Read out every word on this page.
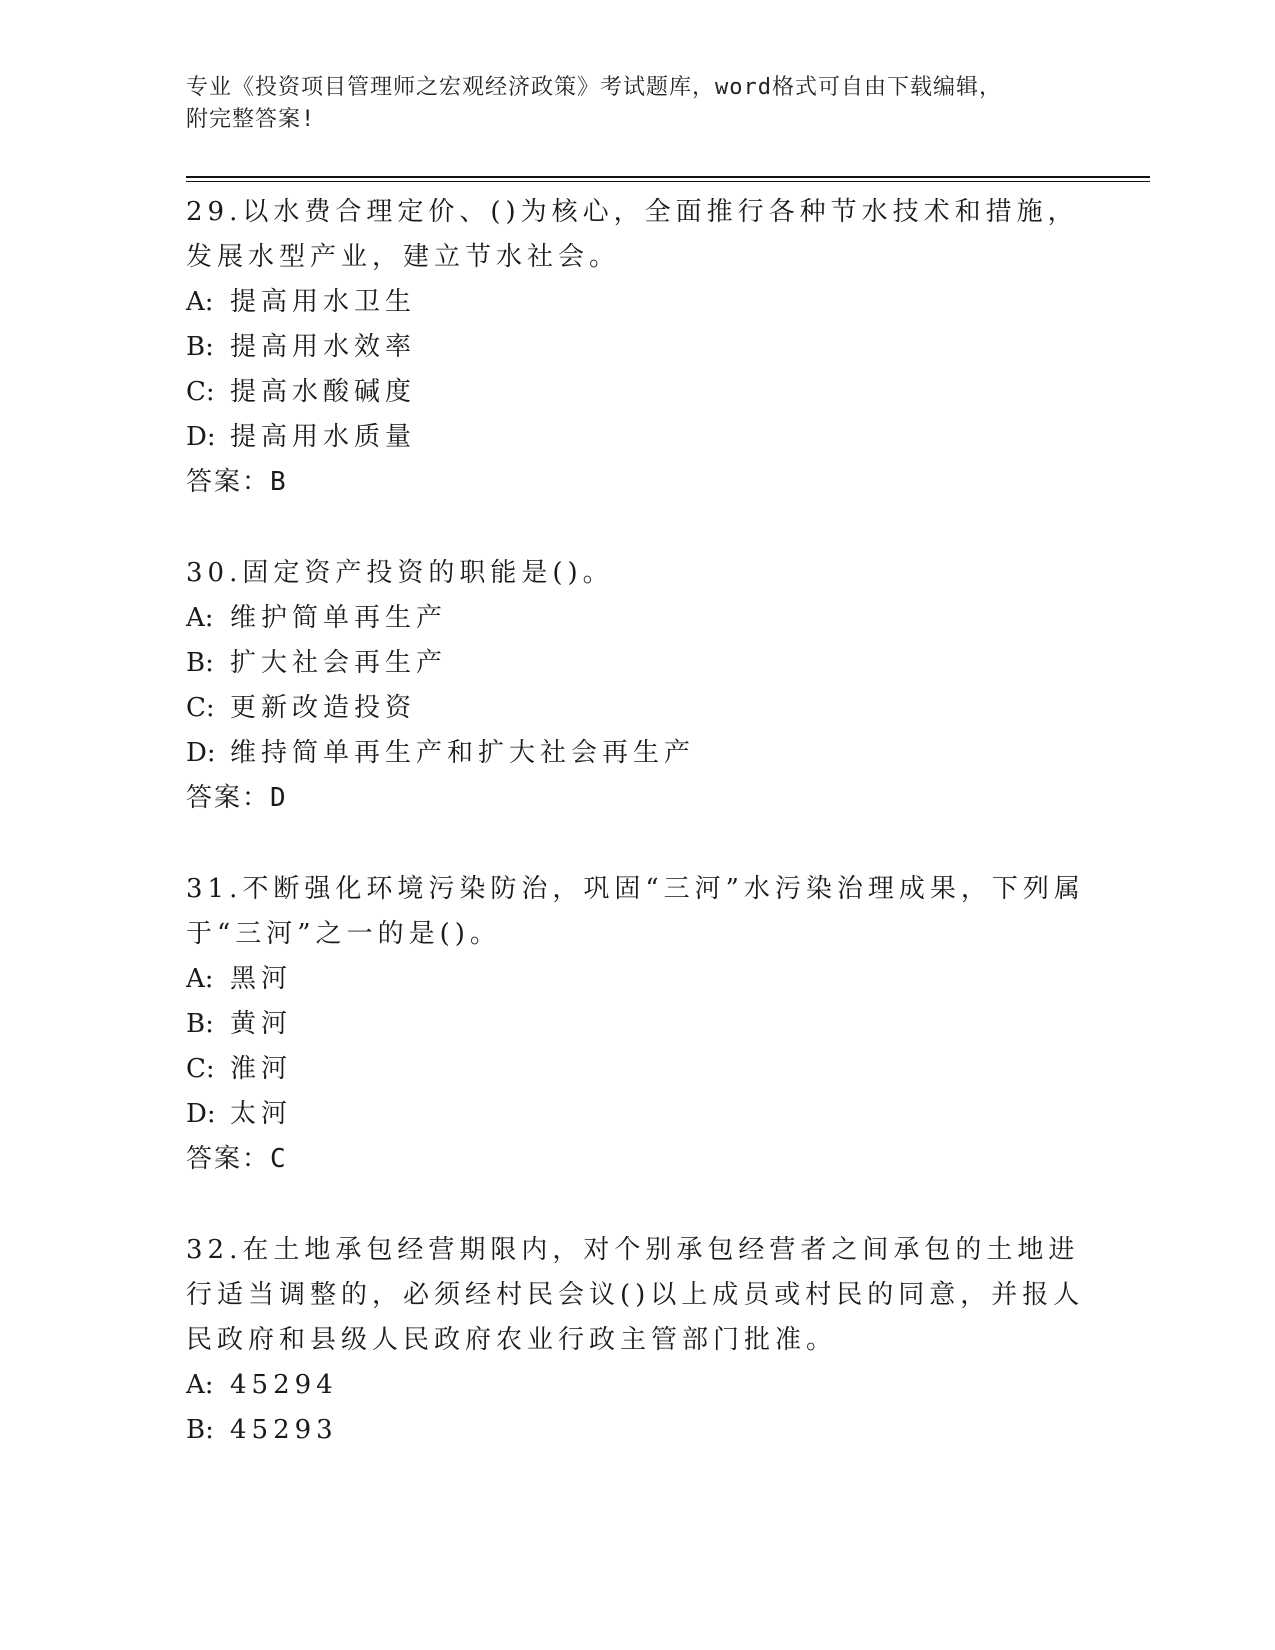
专业《投资项目管理师之宏观经济政策》考试题库，word格式可自由下载编辑，
附完整答案!
29.以水费合理定价、()为核心，全面推行各种节水技术和措施，发展水型产业，建立节水社会。
A: 提高用水卫生
B: 提高用水效率
C: 提高水酸碱度
D: 提高用水质量
答案：B
30.固定资产投资的职能是()。
A: 维护简单再生产
B: 扩大社会再生产
C: 更新改造投资
D: 维持简单再生产和扩大社会再生产
答案：D
31.不断强化环境污染防治，巩固“三河”水污染治理成果，下列属于“三河”之一的是()。
A: 黑河
B: 黄河
C: 淮河
D: 太河
答案：C
32.在土地承包经营期限内，对个别承包经营者之间承包的土地进行适当调整的，必须经村民会议()以上成员或村民的同意，并报人民政府和县级人民政府农业行政主管部门批准。
A: 45294
B: 45293
